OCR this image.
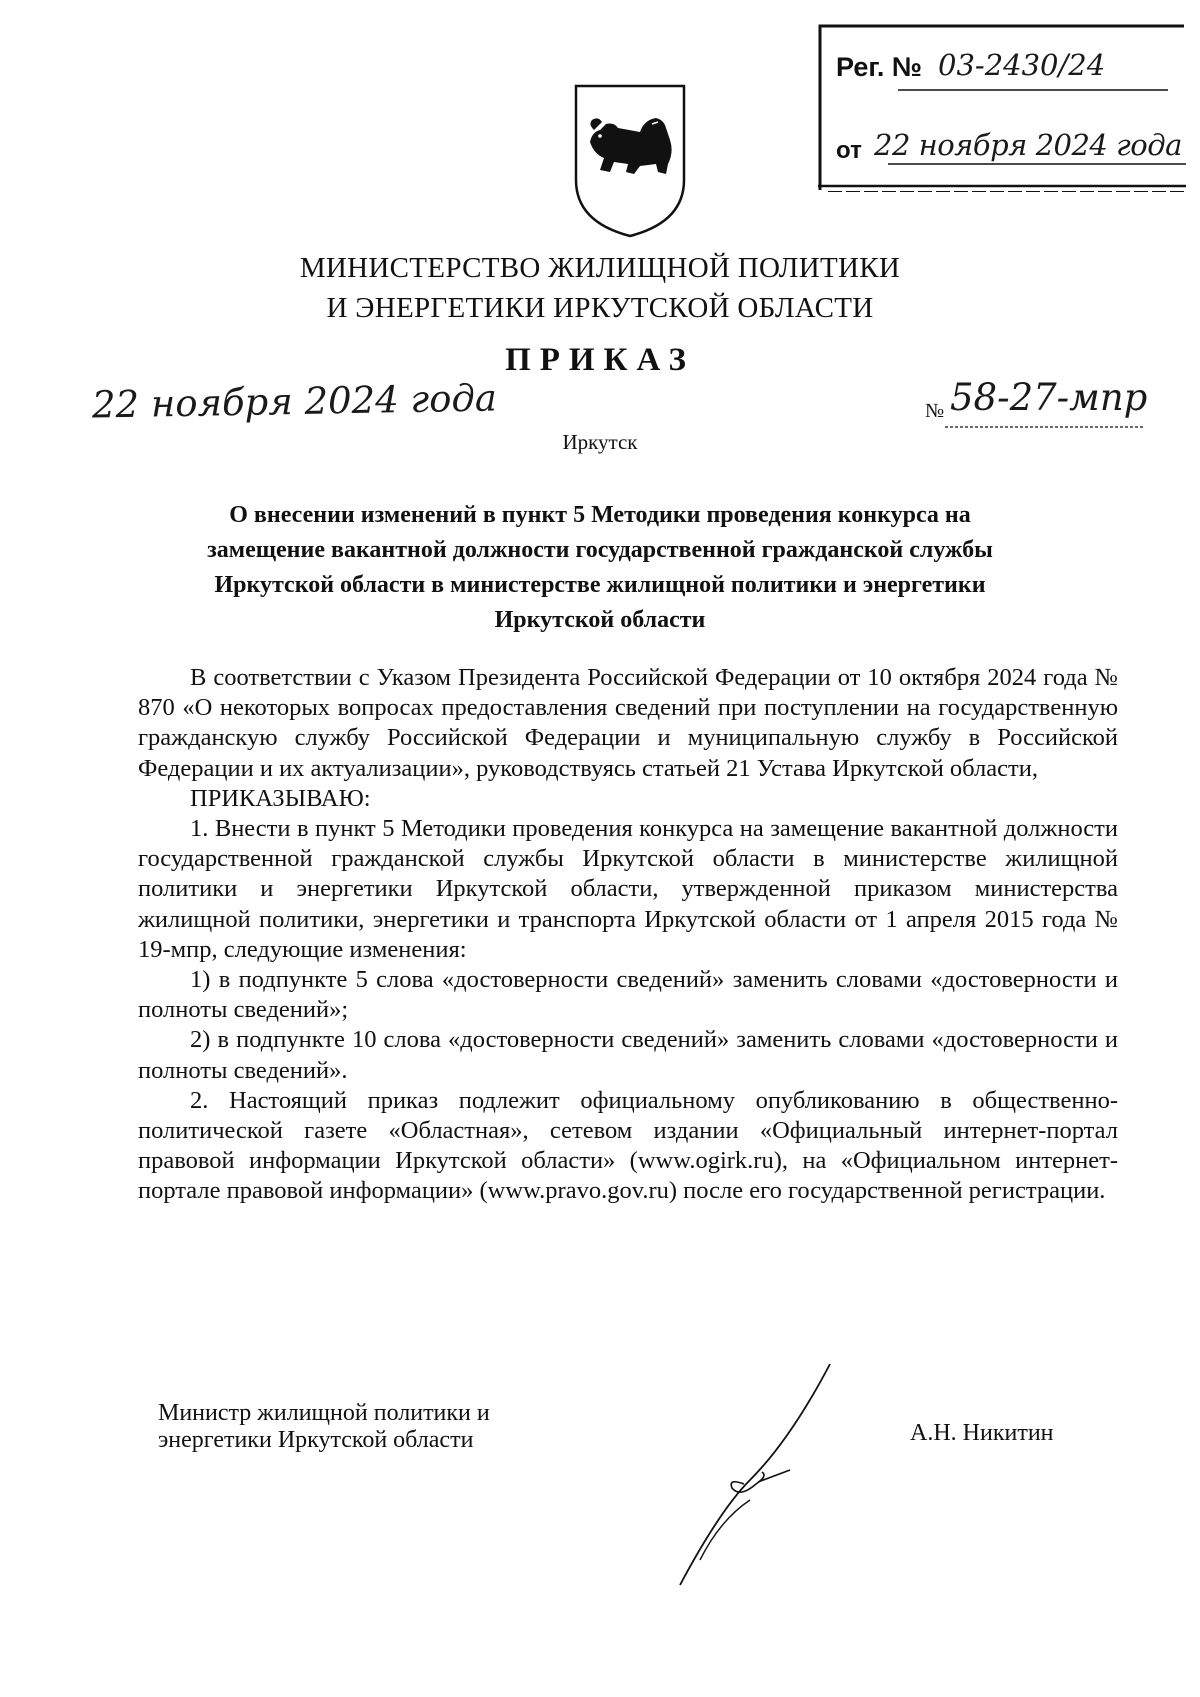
Рег. № 03-2430/24
от 22 ноября 2024 года
МИНИСТЕРСТВО ЖИЛИЩНОЙ ПОЛИТИКИ
И ЭНЕРГЕТИКИ ИРКУТСКОЙ ОБЛАСТИ
ПРИКАЗ
22 ноября 2024 года	№ 58-27-мпр
Иркутск
О внесении изменений в пункт 5 Методики проведения конкурса на
замещение вакантной должности государственной гражданской службы
Иркутской области в министерстве жилищной политики и энергетики
Иркутской области

В соответствии с Указом Президента Российской Федерации от 10 октября 2024 года № 870 «О некоторых вопросах предоставления сведений при поступлении на государственную гражданскую службу Российской Федерации и муниципальную службу в Российской Федерации и их актуализации», руководствуясь статьей 21 Устава Иркутской области,

ПРИКАЗЫВАЮ:

1. Внести в пункт 5 Методики проведения конкурса на замещение вакантной должности государственной гражданской службы Иркутской области в министерстве жилищной политики и энергетики Иркутской области, утвержденной приказом министерства жилищной политики, энергетики и транспорта Иркутской области от 1 апреля 2015 года № 19-мпр, следующие изменения:

1) в подпункте 5 слова «достоверности сведений» заменить словами «достоверности и полноты сведений»;

2) в подпункте 10 слова «достоверности сведений» заменить словами «достоверности и полноты сведений».

2. Настоящий приказ подлежит официальному опубликованию в общественно-политической газете «Областная», сетевом издании «Официальный интернет-портал правовой информации Иркутской области» (www.ogirk.ru), на «Официальном интернет-портале правовой информации» (www.pravo.gov.ru) после его государственной регистрации.

Министр жилищной политики и
энергетики Иркутской области	А.Н. Никитин
